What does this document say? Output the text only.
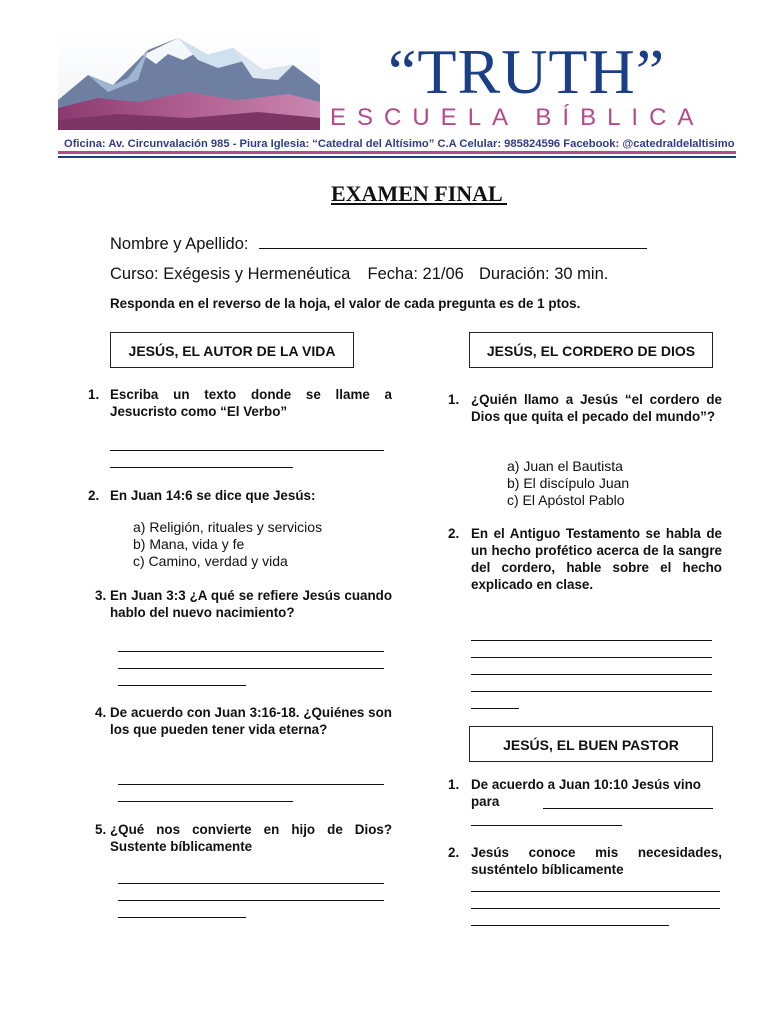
“TRUTH”
ESCUELA BÍBLICA
Oficina: Av. Circunvalación 985 - Piura Iglesia: “Catedral del Altísimo” C.A Celular: 985824596 Facebook: @catedraldelaltisimo
EXAMEN FINAL
Nombre y Apellido:
Curso: Exégesis y Hermenéutica Fecha: 21/06 Duración: 30 min.
Responda en el reverso de la hoja, el valor de cada pregunta es de 1 ptos.
JESÚS, EL AUTOR DE LA VIDA
1. Escriba un texto donde se llame a Jesucristo como “El Verbo”
2. En Juan 14:6 se dice que Jesús:
a) Religión, rituales y servicios
b) Mana, vida y fe
c) Camino, verdad y vida
3. En Juan 3:3 ¿A qué se refiere Jesús cuando hablo del nuevo nacimiento?
4. De acuerdo con Juan 3:16-18. ¿Quiénes son los que pueden tener vida eterna?
5. ¿Qué nos convierte en hijo de Dios? Sustente bíblicamente
JESÚS, EL CORDERO DE DIOS
1. ¿Quién llamo a Jesús “el cordero de Dios que quita el pecado del mundo”?
a) Juan el Bautista
b) El discípulo Juan
c) El Apóstol Pablo
2. En el Antiguo Testamento se habla de un hecho profético acerca de la sangre del cordero, hable sobre el hecho explicado en clase.
JESÚS, EL BUEN PASTOR
1. De acuerdo a Juan 10:10 Jesús vino para
2. Jesús conoce mis necesidades, susténtelo bíblicamente
